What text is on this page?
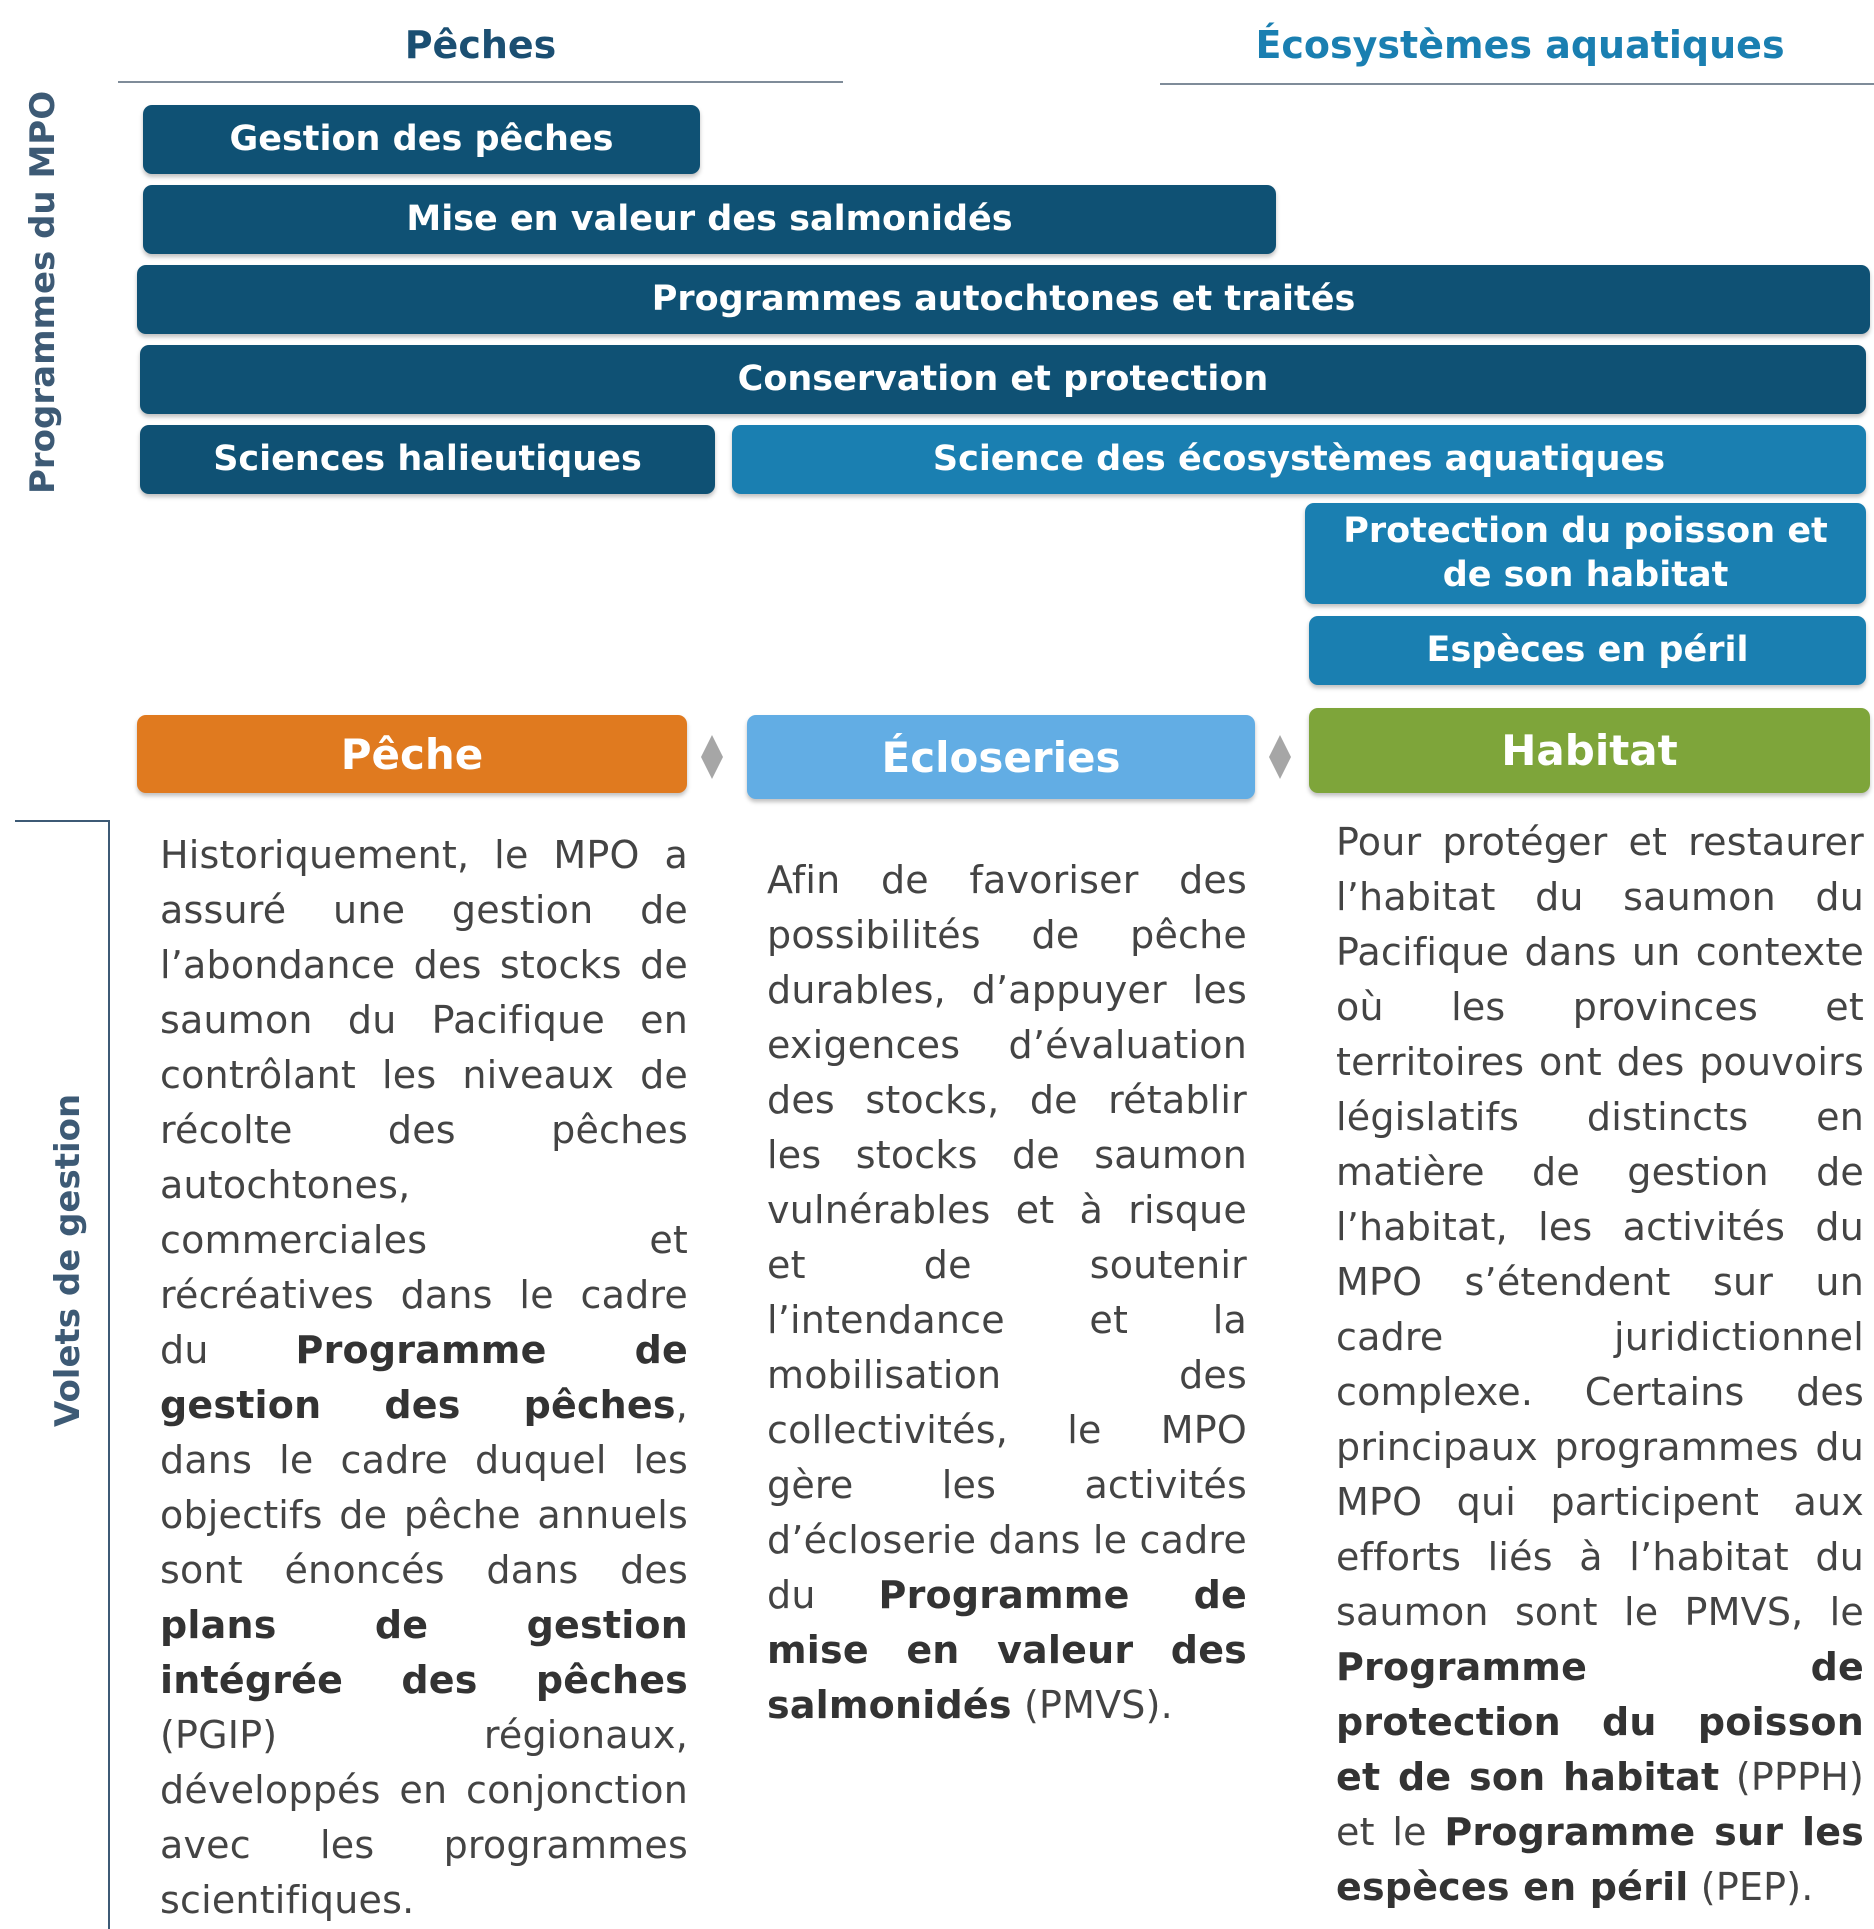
Pêches	Écosystèmes aquatiques
Programmes du MPO
Volets de gestion
Gestion des pêches
Mise en valeur des salmonidés
Programmes autochtones et traités
Conservation et protection
Sciences halieutiques	Science des écosystèmes aquatiques
Protection du poisson et de son habitat
Espèces en péril
Pêche	Écloseries	Habitat
Historiquement, le MPO a assuré une gestion de l’abondance des stocks de saumon du Pacifique en contrôlant les niveaux de récolte des pêches autochtones, commerciales et récréatives dans le cadre du Programme de gestion des pêches, dans le cadre duquel les objectifs de pêche annuels sont énoncés dans des plans de gestion intégrée des pêches (PGIP) régionaux, développés en conjonction avec les programmes scientifiques.
Afin de favoriser des possibilités de pêche durables, d’appuyer les exigences d’évaluation des stocks, de rétablir les stocks de saumon vulnérables et à risque et de soutenir l’intendance et la mobilisation des collectivités, le MPO gère les activités d’écloserie dans le cadre du Programme de mise en valeur des salmonidés (PMVS).
Pour protéger et restaurer l’habitat du saumon du Pacifique dans un contexte où les provinces et territoires ont des pouvoirs législatifs distincts en matière de gestion de l’habitat, les activités du MPO s’étendent sur un cadre juridictionnel complexe. Certains des principaux programmes du MPO qui participent aux efforts liés à l’habitat du saumon sont le PMVS, le Programme de protection du poisson et de son habitat (PPPH) et le Programme sur les espèces en péril (PEP).
